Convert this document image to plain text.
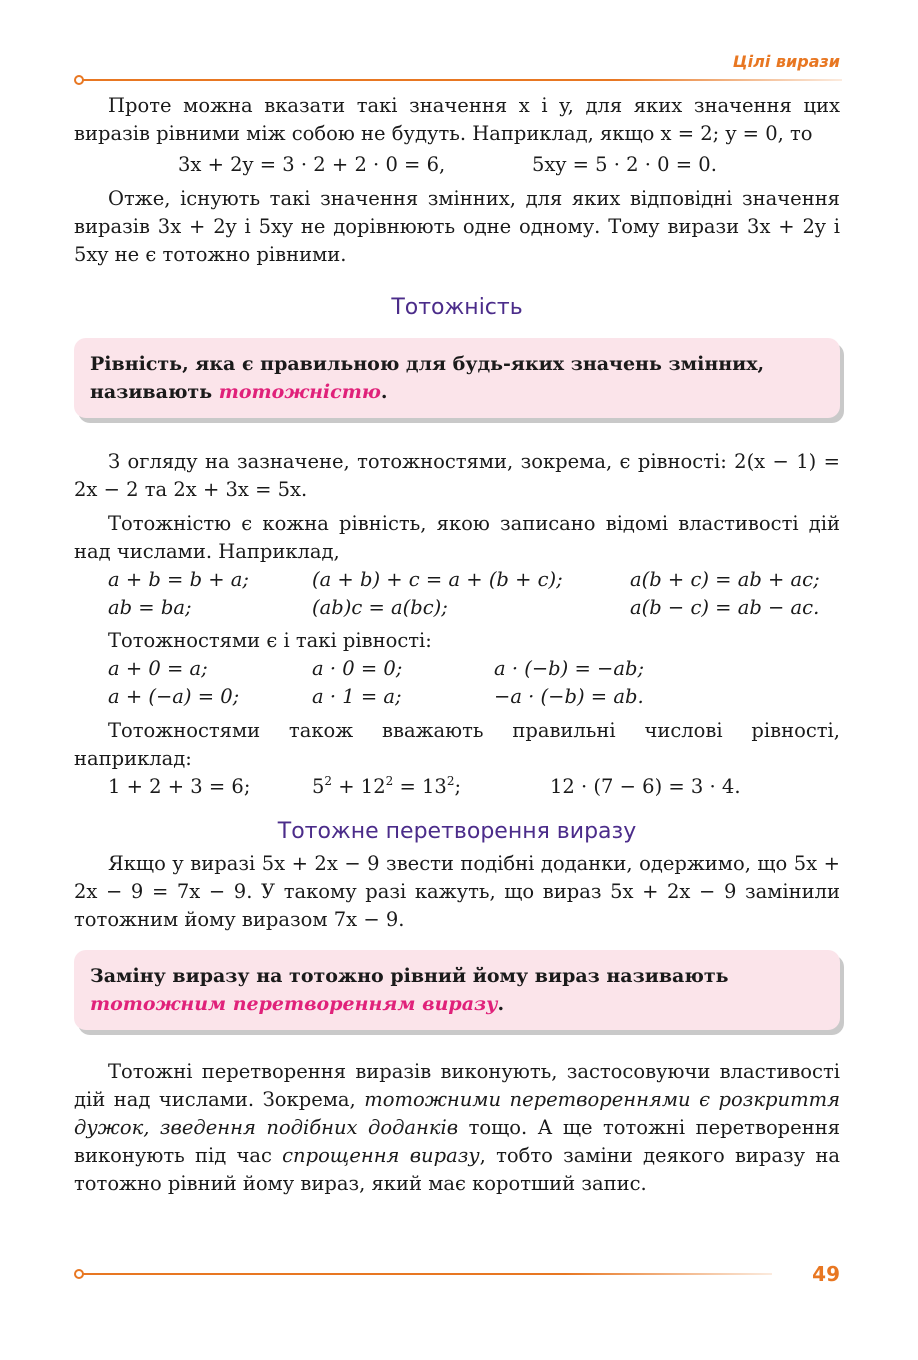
Цілі вирази

Проте можна вказати такі значення x і y, для яких значення цих виразів рівними між собою не будуть. Наприклад, якщо x = 2; y = 0, то

3x + 2y = 3 · 2 + 2 · 0 = 6,	5xy = 5 · 2 · 0 = 0.

Отже, існують такі значення змінних, для яких відповідні значення виразів 3x + 2y і 5xy не дорівнюють одне одному. Тому вирази 3x + 2y і 5xy не є тотожно рівними.

Тотожність
Рівність, яка є правильною для будь-яких значень змінних, називають тотожністю.

З огляду на зазначене, тотожностями, зокрема, є рівності: 2(x − 1) = 2x − 2 та 2x + 3x = 5x.

Тотожністю є кожна рівність, якою записано відомі властивості дій над числами. Наприклад,

a + b = b + a;	(a + b) + c = a + (b + c);	a(b + c) = ab + ac;
ab = ba;	(ab)c = a(bc);	a(b − c) = ab − ac.

Тотожностями є і такі рівності:

a + 0 = a;	a · 0 = 0;	a · (−b) = −ab;
a + (−a) = 0;	a · 1 = a;	−a · (−b) = ab.

Тотожностями також вважають правильні числові рівності, наприклад:

1 + 2 + 3 = 6;	$5^2 + 12^2 = 13^2$;	12 · (7 − 6) = 3 · 4.
Тотожне перетворення виразу

Якщо у виразі 5x + 2x − 9 звести подібні доданки, одержимо, що 5x + 2x − 9 = 7x − 9. У такому разі кажуть, що вираз 5x + 2x − 9 замінили тотожним йому виразом 7x − 9.

Заміну виразу на тотожно рівний йому вираз називають тотожним перетворенням виразу.

Тотожні перетворення виразів виконують, застосовуючи властивості дій над числами. Зокрема, тотожними перетвореннями є розкриття дужок, зведення подібних доданків тощо. А ще тотожні перетворення виконують під час спрощення виразу, тобто заміни деякого виразу на тотожно рівний йому вираз, який має коротший запис.

49
